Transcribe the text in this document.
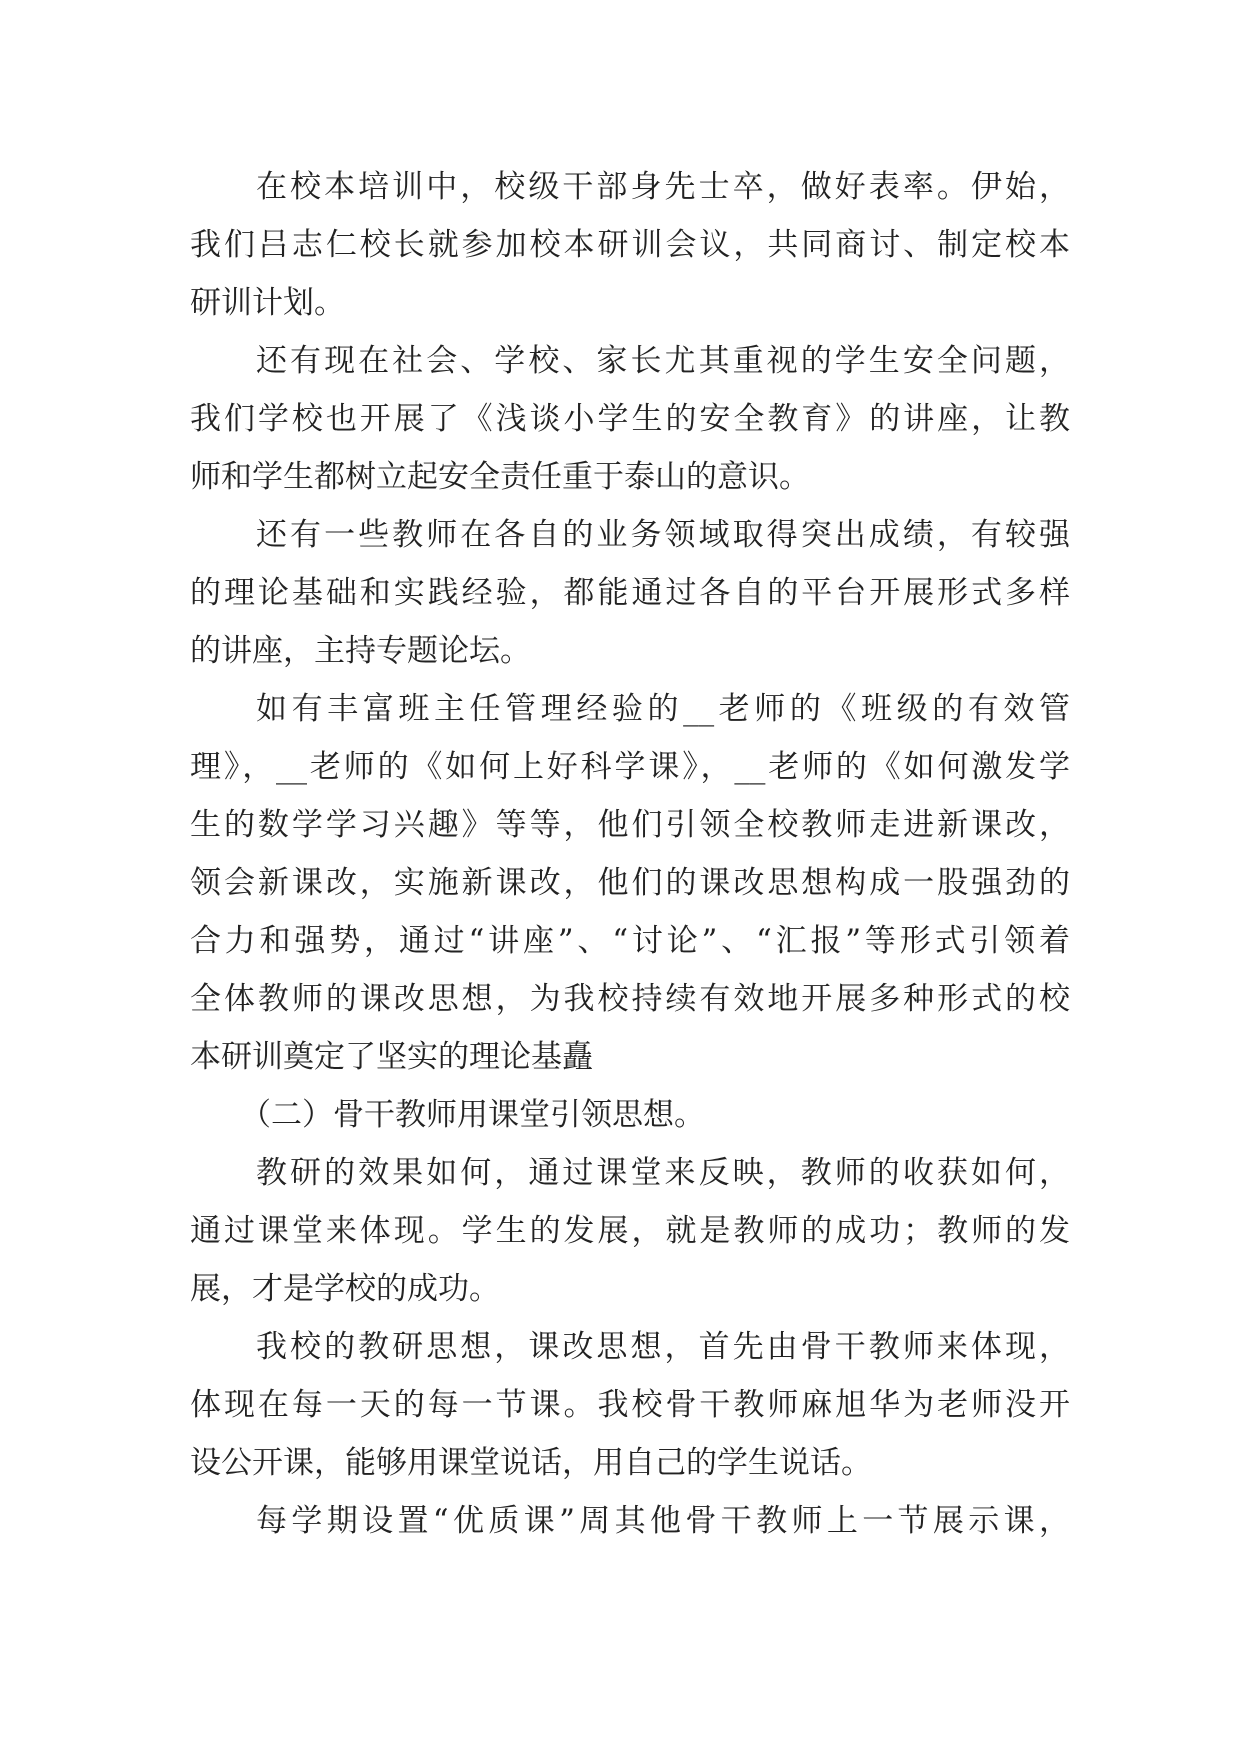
在校本培训中，校级干部身先士卒，做好表率。伊始，
我们吕志仁校长就参加校本研训会议，共同商讨、制定校本
研训计划。
还有现在社会、学校、家长尤其重视的学生安全问题，
我们学校也开展了《浅谈小学生的安全教育》的讲座，让教
师和学生都树立起安全责任重于泰山的意识。
还有一些教师在各自的业务领域取得突出成绩，有较强
的理论基础和实践经验，都能通过各自的平台开展形式多样
的讲座，主持专题论坛。
如有丰富班主任管理经验的__老师的《班级的有效管
理》，__老师的《如何上好科学课》，__老师的《如何激发学
生的数学学习兴趣》等等，他们引领全校教师走进新课改，
领会新课改，实施新课改，他们的课改思想构成一股强劲的
合力和强势，通过“讲座”、“讨论”、“汇报”等形式引领着
全体教师的课改思想，为我校持续有效地开展多种形式的校
本研训奠定了坚实的理论基矗
（二）骨干教师用课堂引领思想。
教研的效果如何，通过课堂来反映，教师的收获如何，
通过课堂来体现。学生的发展，就是教师的成功；教师的发
展，才是学校的成功。
我校的教研思想，课改思想，首先由骨干教师来体现，
体现在每一天的每一节课。我校骨干教师麻旭华为老师没开
设公开课，能够用课堂说话，用自己的学生说话。
每学期设置“优质课”周其他骨干教师上一节展示课，
